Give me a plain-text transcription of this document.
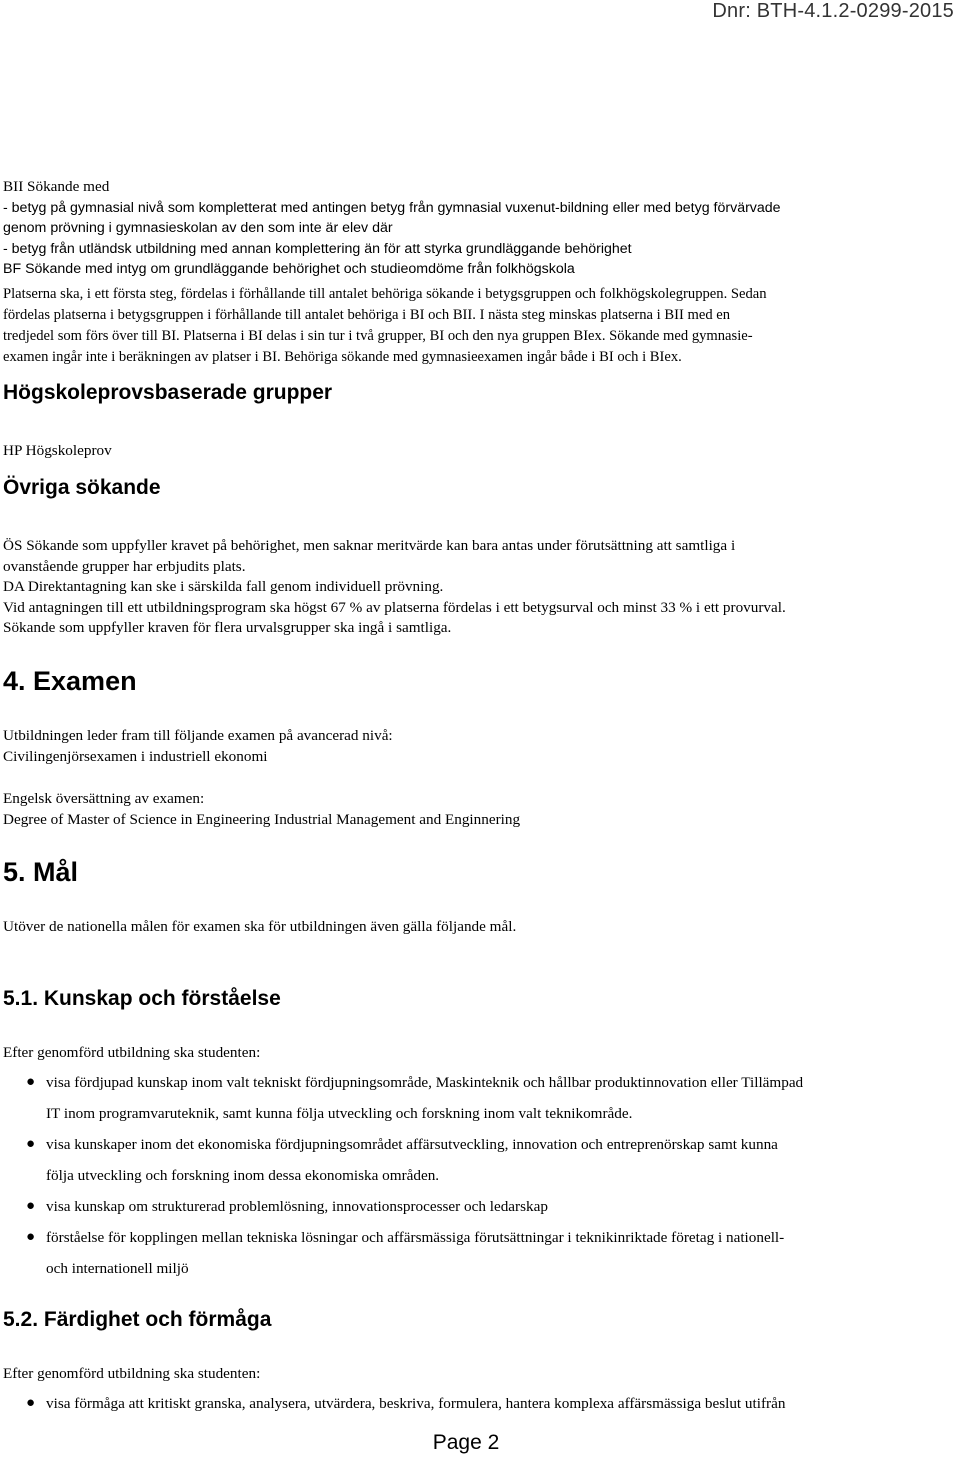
Dnr: BTH-4.1.2-0299-2015
BII Sökande med
- betyg på gymnasial nivå som kompletterat med antingen betyg från gymnasial vuxenut-bildning eller med betyg förvärvade
genom prövning i gymnasieskolan av den som inte är elev där
- betyg från utländsk utbildning med annan komplettering än för att styrka grundläggande behörighet
BF Sökande med intyg om grundläggande behörighet och studieomdöme från folkhögskola
Platserna ska, i ett första steg, fördelas i förhållande till antalet behöriga sökande i betygsgruppen och folkhögskolegruppen. Sedan
fördelas platserna i betygsgruppen i förhållande till antalet behöriga i BI och BII. I nästa steg minskas platserna i BII med en
tredjedel som förs över till BI. Platserna i BI delas i sin tur i två grupper, BI och den nya gruppen BIex. Sökande med gymnasie-
examen ingår inte i beräkningen av platser i BI. Behöriga sökande med gymnasieexamen ingår både i BI och i BIex.
Högskoleprovsbaserade grupper
HP Högskoleprov
Övriga sökande
ÖS Sökande som uppfyller kravet på behörighet, men saknar meritvärde kan bara antas under förutsättning att samtliga i
ovanstående grupper har erbjudits plats.
DA Direktantagning kan ske i särskilda fall genom individuell prövning.
Vid antagningen till ett utbildningsprogram ska högst 67 % av platserna fördelas i ett betygsurval och minst 33 % i ett provurval.
Sökande som uppfyller kraven för flera urvalsgrupper ska ingå i samtliga.
4. Examen
Utbildningen leder fram till följande examen på avancerad nivå:
Civilingenjörsexamen i industriell ekonomi
Engelsk översättning av examen:
Degree of Master of Science in Engineering Industrial Management and Enginnering
5. Mål
Utöver de nationella målen för examen ska för utbildningen även gälla följande mål.
5.1. Kunskap och förståelse
Efter genomförd utbildning ska studenten:
● visa fördjupad kunskap inom valt tekniskt fördjupningsområde, Maskinteknik och hållbar produktinnovation eller Tillämpad
IT inom programvaruteknik, samt kunna följa utveckling och forskning inom valt teknikområde.
● visa kunskaper inom det ekonomiska fördjupningsområdet affärsutveckling, innovation och entreprenörskap samt kunna
följa utveckling och forskning inom dessa ekonomiska områden.
● visa kunskap om strukturerad problemlösning, innovationsprocesser och ledarskap
● förståelse för kopplingen mellan tekniska lösningar och affärsmässiga förutsättningar i teknikinriktade företag i nationell-
och internationell miljö
5.2. Färdighet och förmåga
Efter genomförd utbildning ska studenten:
● visa förmåga att kritiskt granska, analysera, utvärdera, beskriva, formulera, hantera komplexa affärsmässiga beslut utifrån
Page 2
